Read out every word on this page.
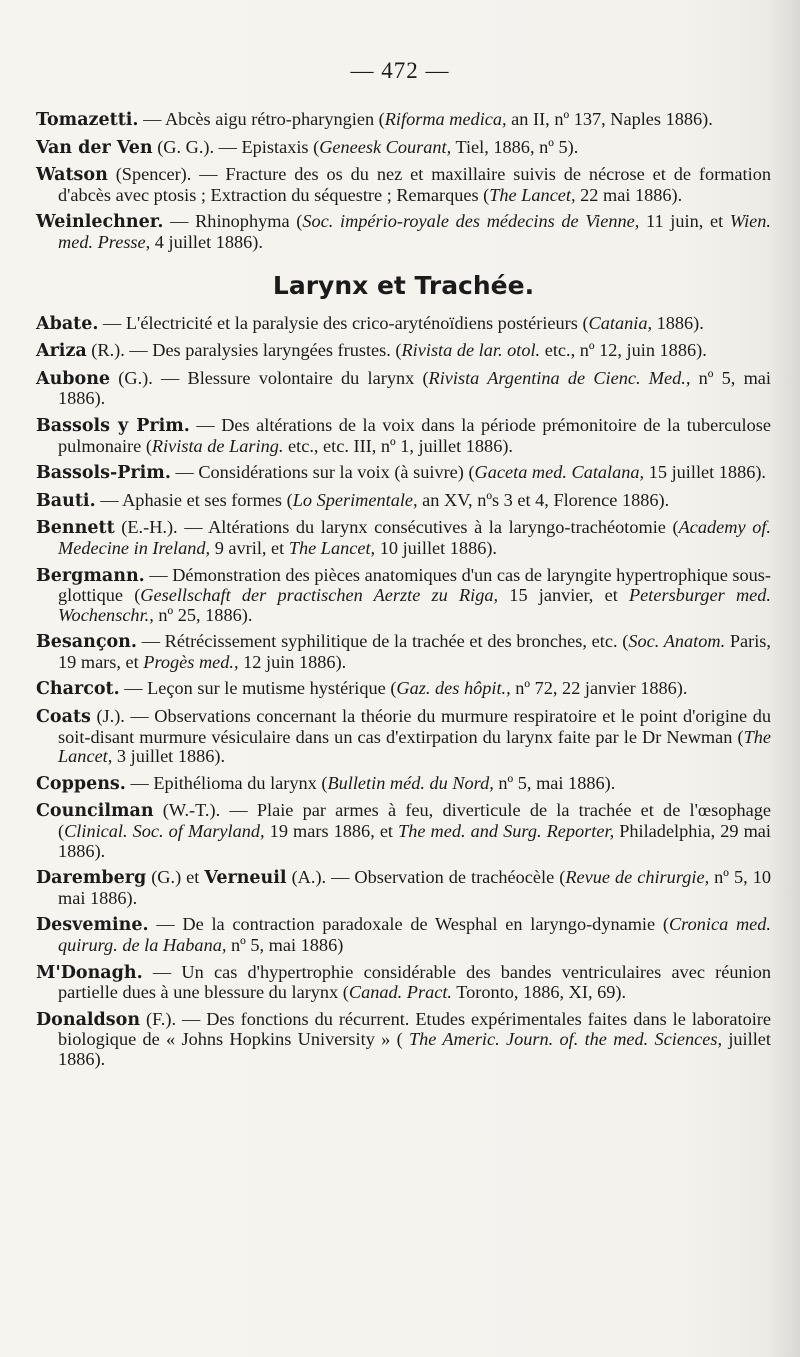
— 472 —

Tomazetti. — Abcès aigu rétro-pharyngien (Riforma medica, an II, nº 137, Naples 1886).

Van der Ven (G. G.). — Epistaxis (Geneesk Courant, Tiel, 1886, nº 5).

Watson (Spencer). — Fracture des os du nez et maxillaire suivis de nécrose et de formation d'abcès avec ptosis ; Extraction du séquestre ; Remarques (The Lancet, 22 mai 1886).

Weinlechner. — Rhinophyma (Soc. império-royale des médecins de Vienne, 11 juin, et Wien. med. Presse, 4 juillet 1886).

Larynx et Trachée.

Abate. — L'électricité et la paralysie des crico-aryténoïdiens postérieurs (Catania, 1886).

Ariza (R.). — Des paralysies laryngées frustes. (Rivista de lar. otol. etc., nº 12, juin 1886).

Aubone (G.). — Blessure volontaire du larynx (Rivista Argentina de Cienc. Med., nº 5, mai 1886).

Bassols y Prim. — Des altérations de la voix dans la période prémonitoire de la tuberculose pulmonaire (Rivista de Laring. etc., etc. III, nº 1, juillet 1886).

Bassols-Prim. — Considérations sur la voix (à suivre) (Gaceta med. Catalana, 15 juillet 1886).

Bauti. — Aphasie et ses formes (Lo Sperimentale, an XV, nºs 3 et 4, Florence 1886).

Bennett (E.-H.). — Altérations du larynx consécutives à la laryngo-trachéotomie (Academy of. Medecine in Ireland, 9 avril, et The Lancet, 10 juillet 1886).

Bergmann. — Démonstration des pièces anatomiques d'un cas de laryngite hypertrophique sous-glottique (Gesellschaft der practischen Aerzte zu Riga, 15 janvier, et Petersburger med. Wochenschr., nº 25, 1886).

Besançon. — Rétrécissement syphilitique de la trachée et des bronches, etc. (Soc. Anatom. Paris, 19 mars, et Progès med., 12 juin 1886).

Charcot. — Leçon sur le mutisme hystérique (Gaz. des hôpit., nº 72, 22 janvier 1886).

Coats (J.). — Observations concernant la théorie du murmure respiratoire et le point d'origine du soit-disant murmure vésiculaire dans un cas d'extirpation du larynx faite par le Dr Newman (The Lancet, 3 juillet 1886).

Coppens. — Epithélioma du larynx (Bulletin méd. du Nord, nº 5, mai 1886).

Councilman (W.-T.). — Plaie par armes à feu, diverticule de la trachée et de l'œsophage (Clinical. Soc. of Maryland, 19 mars 1886, et The med. and Surg. Reporter, Philadelphia, 29 mai 1886).

Daremberg (G.) et Verneuil (A.). — Observation de trachéocèle (Revue de chirurgie, nº 5, 10 mai 1886).

Desvemine. — De la contraction paradoxale de Wesphal en laryngo-dynamie (Cronica med. quirurg. de la Habana, nº 5, mai 1886)

M'Donagh. — Un cas d'hypertrophie considérable des bandes ventriculaires avec réunion partielle dues à une blessure du larynx (Canad. Pract. Toronto, 1886, XI, 69).

Donaldson (F.). — Des fonctions du récurrent. Etudes expérimentales faites dans le laboratoire biologique de « Johns Hopkins University » ( The Americ. Journ. of. the med. Sciences, juillet 1886).
